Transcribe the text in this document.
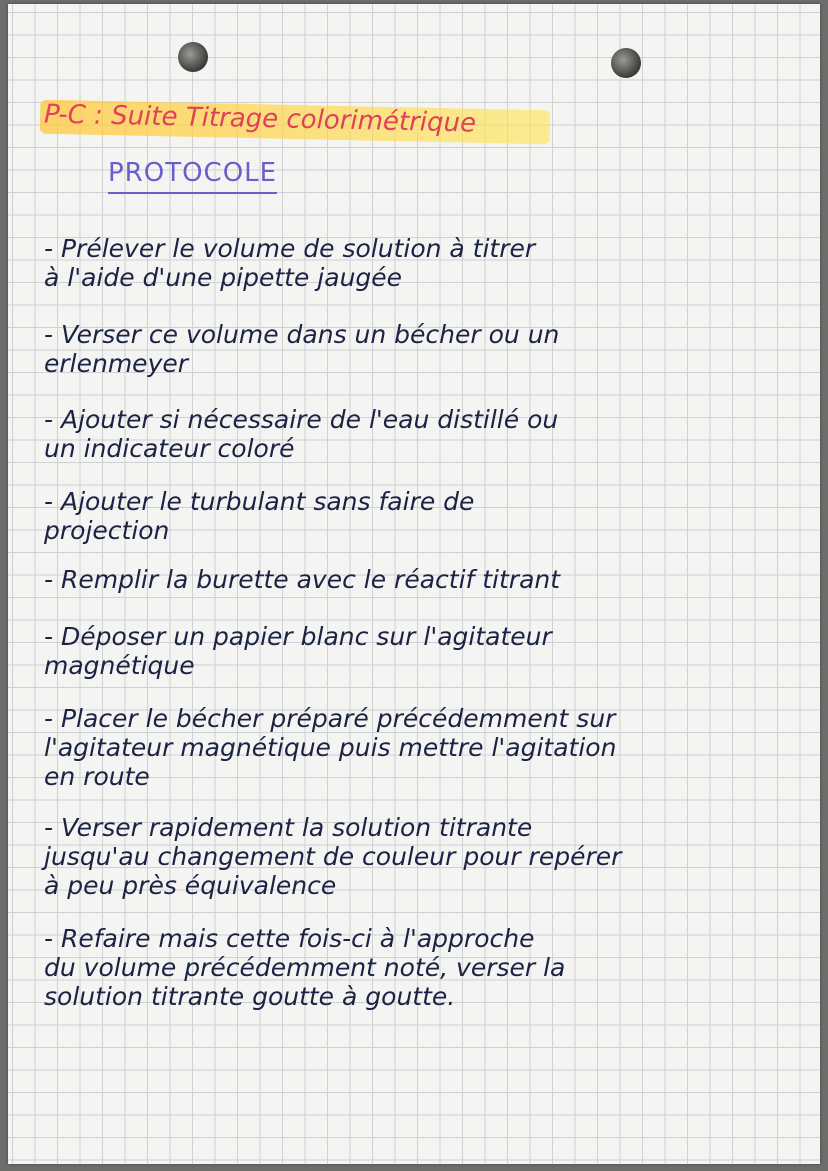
P-C : Suite Titrage colorimétrique
PROTOCOLE
- Prélever le volume de solution à titrer
à l'aide d'une pipette jaugée
- Verser ce volume dans un bécher ou un
erlenmeyer
- Ajouter si nécessaire de l'eau distillé ou
un indicateur coloré
- Ajouter le turbulant sans faire de
projection
- Remplir la burette avec le réactif titrant
- Déposer un papier blanc sur l'agitateur
magnétique
- Placer le bécher préparé précédemment sur
l'agitateur magnétique puis mettre l'agitation
en route
- Verser rapidement la solution titrante
jusqu'au changement de couleur pour repérer
à peu près équivalence
- Refaire mais cette fois-ci à l'approche
du volume précédemment noté, verser la
solution titrante goutte à goutte.
